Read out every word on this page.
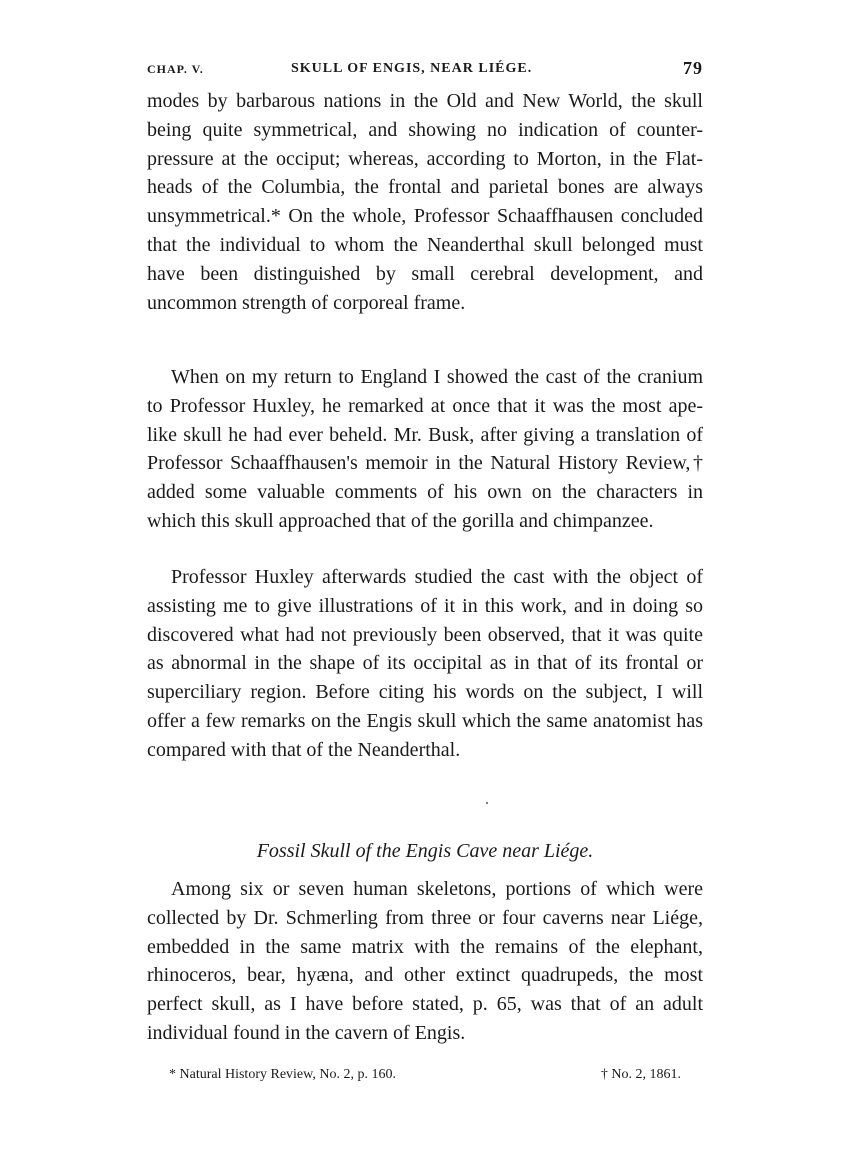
CHAP. V.	SKULL OF ENGIS, NEAR LIÉGE.	79

modes by barbarous nations in the Old and New World, the skull being quite symmetrical, and showing no indication of counter-pressure at the occiput; whereas, according to Morton, in the Flat-heads of the Columbia, the frontal and parietal bones are always unsymmetrical.* On the whole, Professor Schaaffhausen concluded that the individual to whom the Neanderthal skull belonged must have been distinguished by small cerebral development, and uncommon strength of corporeal frame.

When on my return to England I showed the cast of the cranium to Professor Huxley, he remarked at once that it was the most ape-like skull he had ever beheld. Mr. Busk, after giving a translation of Professor Schaaffhausen's memoir in the Natural History Review,† added some valuable comments of his own on the characters in which this skull approached that of the gorilla and chimpanzee.

Professor Huxley afterwards studied the cast with the object of assisting me to give illustrations of it in this work, and in doing so discovered what had not previously been observed, that it was quite as abnormal in the shape of its occipital as in that of its frontal or superciliary region. Before citing his words on the subject, I will offer a few remarks on the Engis skull which the same anatomist has compared with that of the Neanderthal.

Fossil Skull of the Engis Cave near Liége.

Among six or seven human skeletons, portions of which were collected by Dr. Schmerling from three or four caverns near Liége, embedded in the same matrix with the remains of the elephant, rhinoceros, bear, hyæna, and other extinct quadrupeds, the most perfect skull, as I have before stated, p. 65, was that of an adult individual found in the cavern of Engis.

* Natural History Review, No. 2, p. 160.	† No. 2, 1861.
